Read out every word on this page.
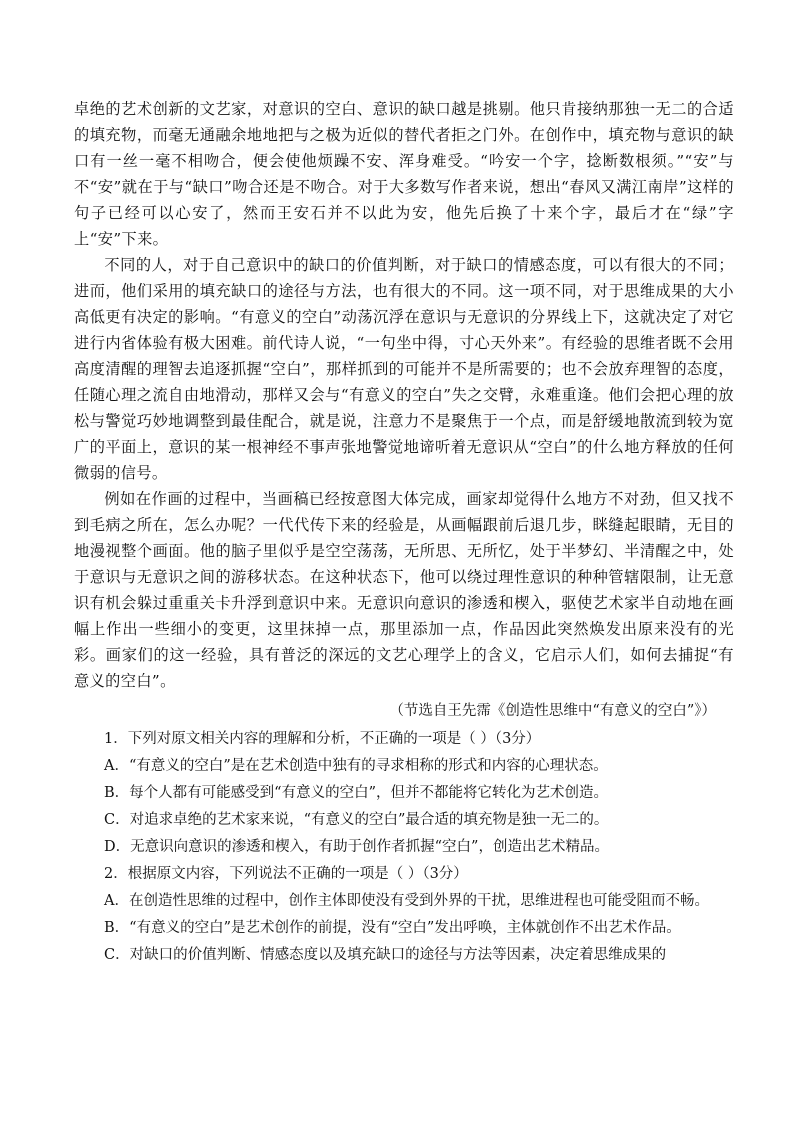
卓绝的艺术创新的文艺家，对意识的空白、意识的缺口越是挑剔。他只肯接纳那独一无二的合适的填充物，而毫无通融余地地把与之极为近似的替代者拒之门外。在创作中，填充物与意识的缺口有一丝一毫不相吻合，便会使他烦躁不安、浑身难受。“吟安一个字，捻断数根须。”“安”与不“安”就在于与“缺口”吻合还是不吻合。对于大多数写作者来说，想出“春风又满江南岸”这样的句子已经可以心安了，然而王安石并不以此为安，他先后换了十来个字，最后才在“绿”字上“安”下来。

不同的人，对于自己意识中的缺口的价值判断，对于缺口的情感态度，可以有很大的不同；进而，他们采用的填充缺口的途径与方法，也有很大的不同。这一项不同，对于思维成果的大小高低更有决定的影响。“有意义的空白”动荡沉浮在意识与无意识的分界线上下，这就决定了对它进行内省体验有极大困难。前代诗人说，“一句坐中得，寸心天外来”。有经验的思维者既不会用高度清醒的理智去追逐抓握“空白”，那样抓到的可能并不是所需要的；也不会放弃理智的态度，任随心理之流自由地滑动，那样又会与“有意义的空白”失之交臂，永难重逢。他们会把心理的放松与警觉巧妙地调整到最佳配合，就是说，注意力不是聚焦于一个点，而是舒缓地散流到较为宽广的平面上，意识的某一根神经不事声张地警觉地谛听着无意识从“空白”的什么地方释放的任何微弱的信号。

例如在作画的过程中，当画稿已经按意图大体完成，画家却觉得什么地方不对劲，但又找不到毛病之所在，怎么办呢？一代代传下来的经验是，从画幅跟前后退几步，眯缝起眼睛，无目的地漫视整个画面。他的脑子里似乎是空空荡荡，无所思、无所忆，处于半梦幻、半清醒之中，处于意识与无意识之间的游移状态。在这种状态下，他可以绕过理性意识的种种管辖限制，让无意识有机会躲过重重关卡升浮到意识中来。无意识向意识的渗透和楔入，驱使艺术家半自动地在画幅上作出一些细小的变更，这里抹掉一点，那里添加一点，作品因此突然焕发出原来没有的光彩。画家们的这一经验，具有普泛的深远的文艺心理学上的含义，它启示人们，如何去捕捉“有意义的空白”。

（节选自王先霈《创造性思维中“有意义的空白”》）

1．下列对原文相关内容的理解和分析，不正确的一项是（ ）（3分）

A．“有意义的空白”是在艺术创造中独有的寻求相称的形式和内容的心理状态。

B．每个人都有可能感受到“有意义的空白”，但并不都能将它转化为艺术创造。

C．对追求卓绝的艺术家来说，“有意义的空白”最合适的填充物是独一无二的。

D．无意识向意识的渗透和楔入，有助于创作者抓握“空白”，创造出艺术精品。

2．根据原文内容，下列说法不正确的一项是（ ）（3分）

A．在创造性思维的过程中，创作主体即使没有受到外界的干扰，思维进程也可能受阻而不畅。

B．“有意义的空白”是艺术创作的前提，没有“空白”发出呼唤，主体就创作不出艺术作品。

C．对缺口的价值判断、情感态度以及填充缺口的途径与方法等因素，决定着思维成果的
